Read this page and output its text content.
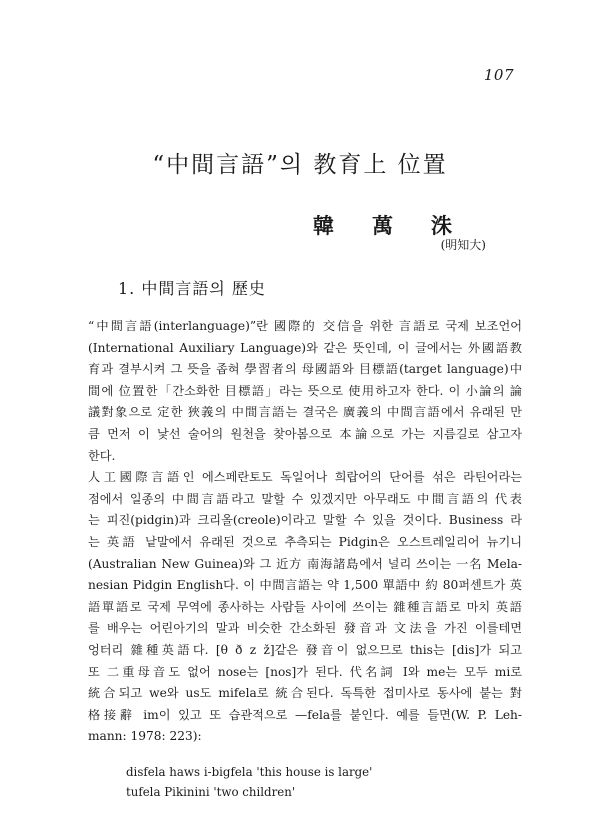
107
“中間言語”의 教育上 位置
韓萬洙
(明知大)
1. 中間言語의 歷史
“中間言語(interlanguage)”란 國際的 交信을 위한 言語로 국제 보조언어
(International Auxiliary Language)와 같은 뜻인데, 이 글에서는 外國語教
育과 결부시켜 그 뜻을 좁혀 學習者의 母國語와 目標語(target language)中
間에 位置한「간소화한 目標語」라는 뜻으로 使用하고자 한다. 이 小論의 論
議對象으로 定한 狹義의 中間言語는 결국은 廣義의 中間言語에서 유래된 만
큼 먼저 이 낯선 술어의 원천을 찾아봄으로 本論으로 가는 지름길로 삼고자
한다.
人工國際言語인 에스페란토도 독일어나 희랍어의 단어를 섞은 라틴어라는
점에서 일종의 中間言語라고 말할 수 있겠지만 아무래도 中間言語의 代表
는 피진(pidgin)과 크리올(creole)이라고 말할 수 있을 것이다. Business 라
는 英語 낱말에서 유래된 것으로 추측되는 Pidgin은 오스트레일리어 뉴기니
(Australian New Guinea)와 그 近方 南海諸島에서 널리 쓰이는 一名 Mela-
nesian Pidgin English다. 이 中間言語는 약 1,500 單語中 約 80퍼센트가 英
語單語로 국제 무역에 종사하는 사람들 사이에 쓰이는 雜種言語로 마치 英語
를 배우는 어린아기의 말과 비슷한 간소화된 發音과 文法을 가진 이를테면
엉터리 雜種英語다. [θ ð z ž]같은 發音이 없으므로 this는 [dis]가 되고
또 二重母音도 없어 nose는 [nos]가 된다. 代名詞 I와 me는 모두 mi로
統合되고 we와 us도 mifela로 統合된다. 독특한 접미사로 동사에 붙는 對
格接辭 im이 있고 또 습관적으로 —fela를 붙인다. 예를 들면(W. P. Leh-
mann: 1978: 223):
disfela haws i-bigfela 'this house is large'
tufela Pikinini 'two children'
